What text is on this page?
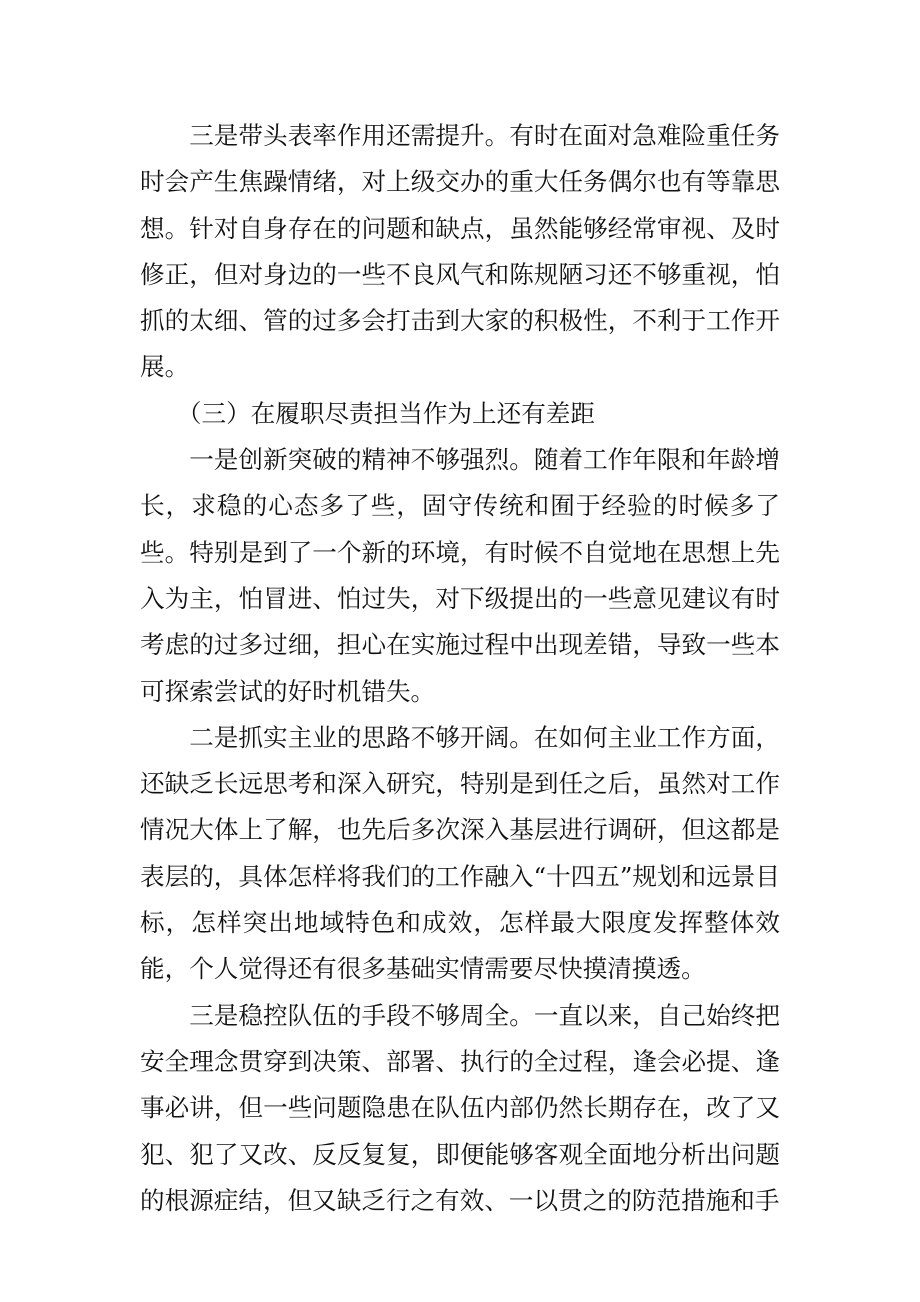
三是带头表率作用还需提升。有时在面对急难险重任务时会产生焦躁情绪，对上级交办的重大任务偶尔也有等靠思想。针对自身存在的问题和缺点，虽然能够经常审视、及时修正，但对身边的一些不良风气和陈规陋习还不够重视，怕抓的太细、管的过多会打击到大家的积极性，不利于工作开展。

（三）在履职尽责担当作为上还有差距

一是创新突破的精神不够强烈。随着工作年限和年龄增长，求稳的心态多了些，固守传统和囿于经验的时候多了些。特别是到了一个新的环境，有时候不自觉地在思想上先入为主，怕冒进、怕过失，对下级提出的一些意见建议有时考虑的过多过细，担心在实施过程中出现差错，导致一些本可探索尝试的好时机错失。

二是抓实主业的思路不够开阔。在如何主业工作方面，还缺乏长远思考和深入研究，特别是到任之后，虽然对工作情况大体上了解，也先后多次深入基层进行调研，但这都是表层的，具体怎样将我们的工作融入“十四五”规划和远景目标，怎样突出地域特色和成效，怎样最大限度发挥整体效能，个人觉得还有很多基础实情需要尽快摸清摸透。

三是稳控队伍的手段不够周全。一直以来，自己始终把安全理念贯穿到决策、部署、执行的全过程，逢会必提、逢事必讲，但一些问题隐患在队伍内部仍然长期存在，改了又犯、犯了又改、反反复复，即便能够客观全面地分析出问题的根源症结，但又缺乏行之有效、一以贯之的防范措施和手
